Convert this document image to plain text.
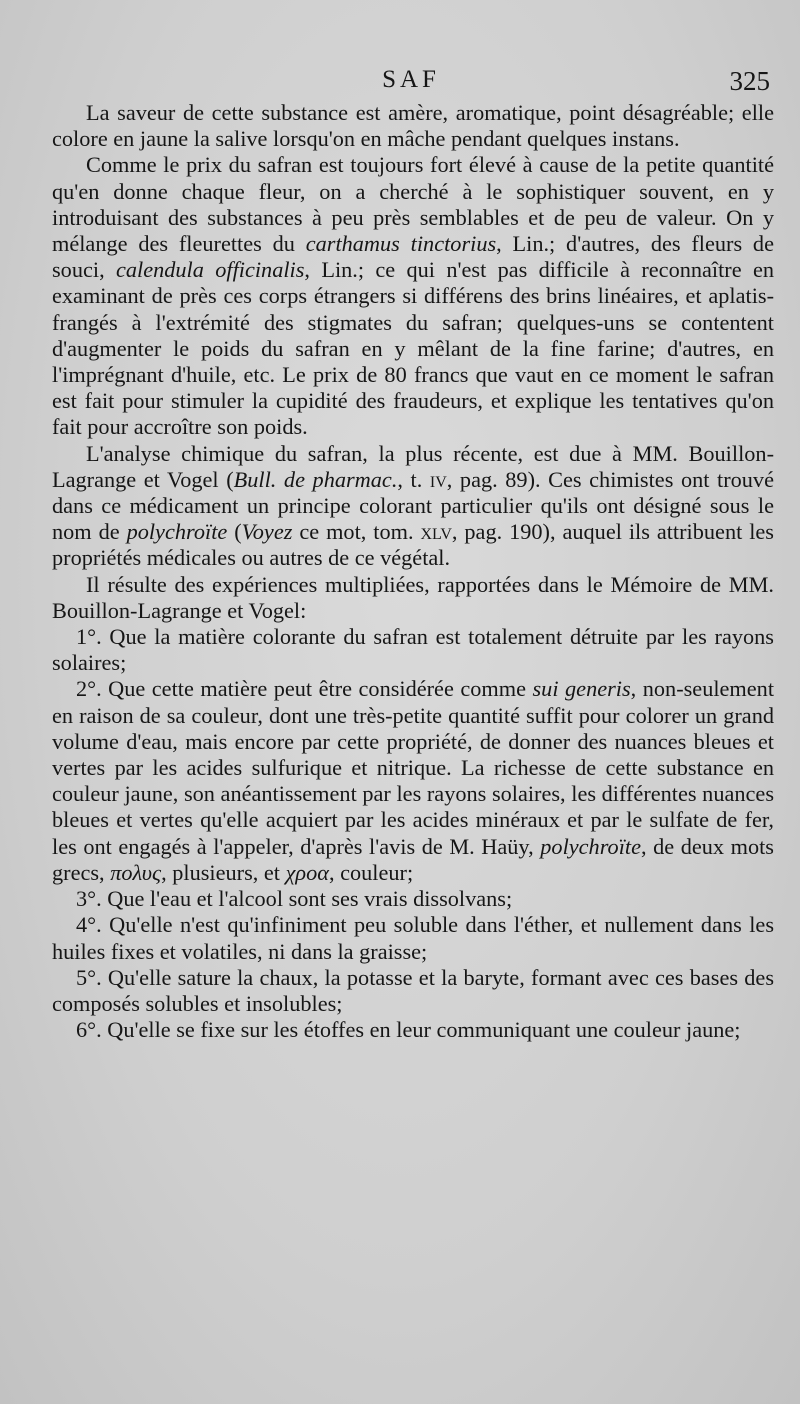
SAF	325

La saveur de cette substance est amère, aromatique, point désagréable; elle colore en jaune la salive lorsqu'on en mâche pendant quelques instans.

Comme le prix du safran est toujours fort élevé à cause de la petite quantité qu'en donne chaque fleur, on a cherché à le sophistiquer souvent, en y introduisant des substances à peu près semblables et de peu de valeur. On y mélange des fleurettes du carthamus tinctorius, Lin.; d'autres, des fleurs de souci, calendula officinalis, Lin.; ce qui n'est pas difficile à reconnaître en examinant de près ces corps étrangers si différens des brins linéaires, et aplatis-frangés à l'extrémité des stigmates du safran; quelques-uns se contentent d'augmenter le poids du safran en y mêlant de la fine farine; d'autres, en l'imprégnant d'huile, etc. Le prix de 80 francs que vaut en ce moment le safran est fait pour stimuler la cupidité des fraudeurs, et explique les tentatives qu'on fait pour accroître son poids.

L'analyse chimique du safran, la plus récente, est due à MM. Bouillon-Lagrange et Vogel (Bull. de pharmac., t. iv, pag. 89). Ces chimistes ont trouvé dans ce médicament un principe colorant particulier qu'ils ont désigné sous le nom de polychroïte (Voyez ce mot, tom. xlv, pag. 190), auquel ils attribuent les propriétés médicales ou autres de ce végétal.

Il résulte des expériences multipliées, rapportées dans le Mémoire de MM. Bouillon-Lagrange et Vogel:

1°. Que la matière colorante du safran est totalement détruite par les rayons solaires;

2°. Que cette matière peut être considérée comme sui generis, non-seulement en raison de sa couleur, dont une très-petite quantité suffit pour colorer un grand volume d'eau, mais encore par cette propriété, de donner des nuances bleues et vertes par les acides sulfurique et nitrique. La richesse de cette substance en couleur jaune, son anéantissement par les rayons solaires, les différentes nuances bleues et vertes qu'elle acquiert par les acides minéraux et par le sulfate de fer, les ont engagés à l'appeler, d'après l'avis de M. Haüy, polychroïte, de deux mots grecs, πολυς, plusieurs, et χροα, couleur;

3°. Que l'eau et l'alcool sont ses vrais dissolvans;

4°. Qu'elle n'est qu'infiniment peu soluble dans l'éther, et nullement dans les huiles fixes et volatiles, ni dans la graisse;

5°. Qu'elle sature la chaux, la potasse et la baryte, formant avec ces bases des composés solubles et insolubles;

6°. Qu'elle se fixe sur les étoffes en leur communiquant une couleur jaune;
